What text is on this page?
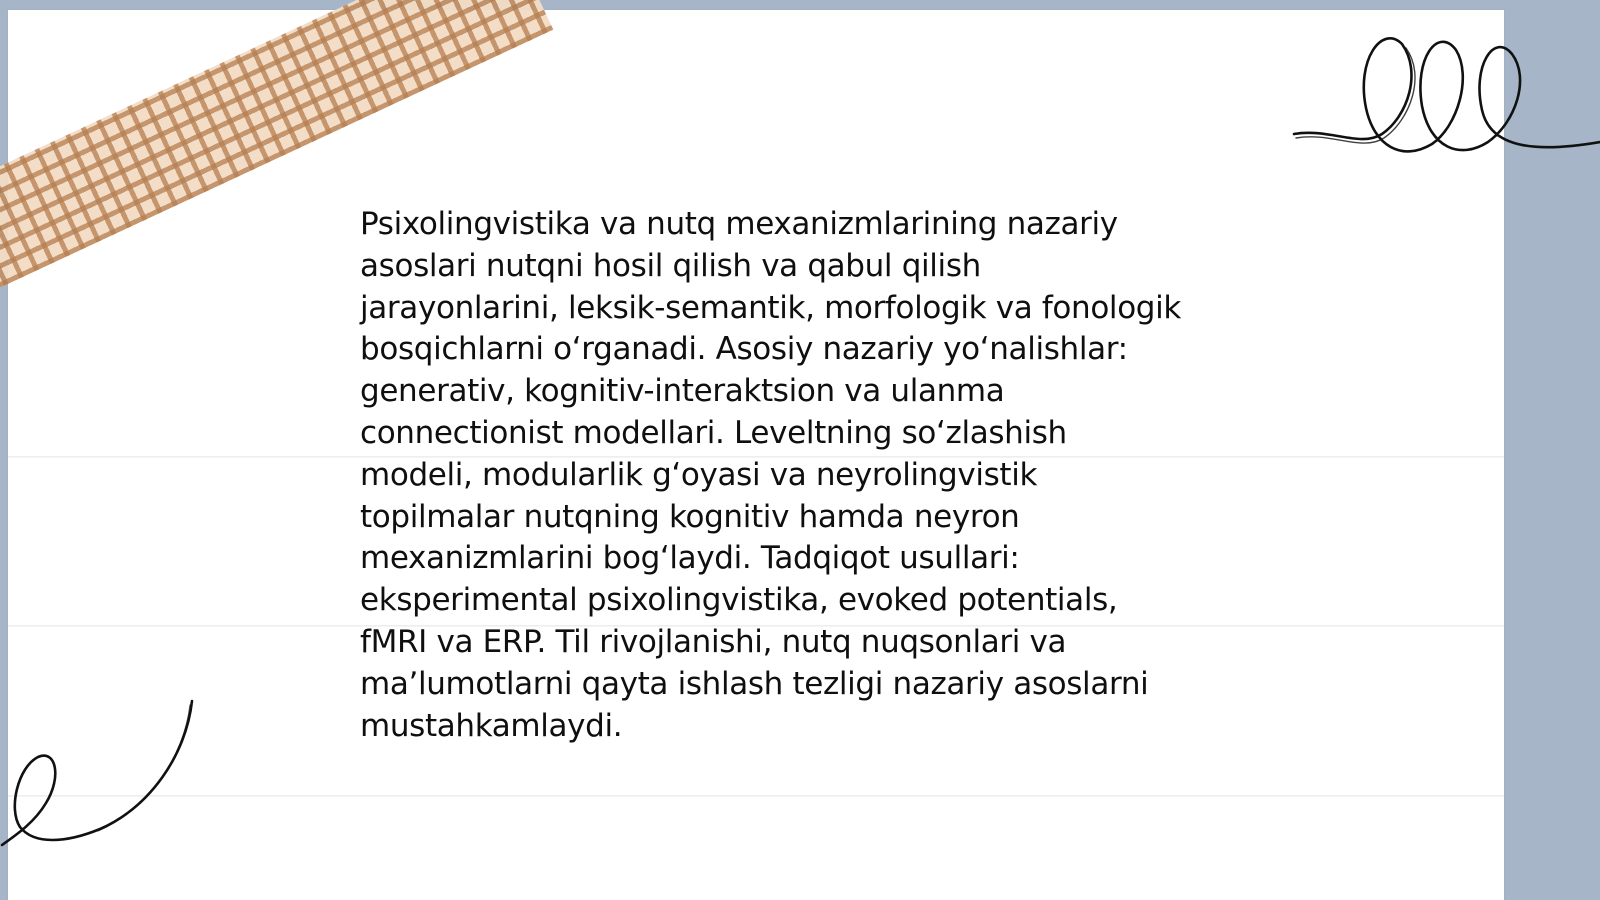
Psixolingvistika va nutq mexanizmlarining nazariy
asoslari nutqni hosil qilish va qabul qilish
jarayonlarini, leksik-semantik, morfologik va fonologik
bosqichlarni oʻrganadi. Asosiy nazariy yoʻnalishlar:
generativ, kognitiv-interaktsion va ulanma
connectionist modellari. Leveltning soʻzlashish
modeli, modularlik gʻoyasi va neyrolingvistik
topilmalar nutqning kognitiv hamda neyron
mexanizmlarini bogʻlaydi. Tadqiqot usullari:
eksperimental psixolingvistika, evoked potentials,
fMRI va ERP. Til rivojlanishi, nutq nuqsonlari va
maʼlumotlarni qayta ishlash tezligi nazariy asoslarni
mustahkamlaydi.
